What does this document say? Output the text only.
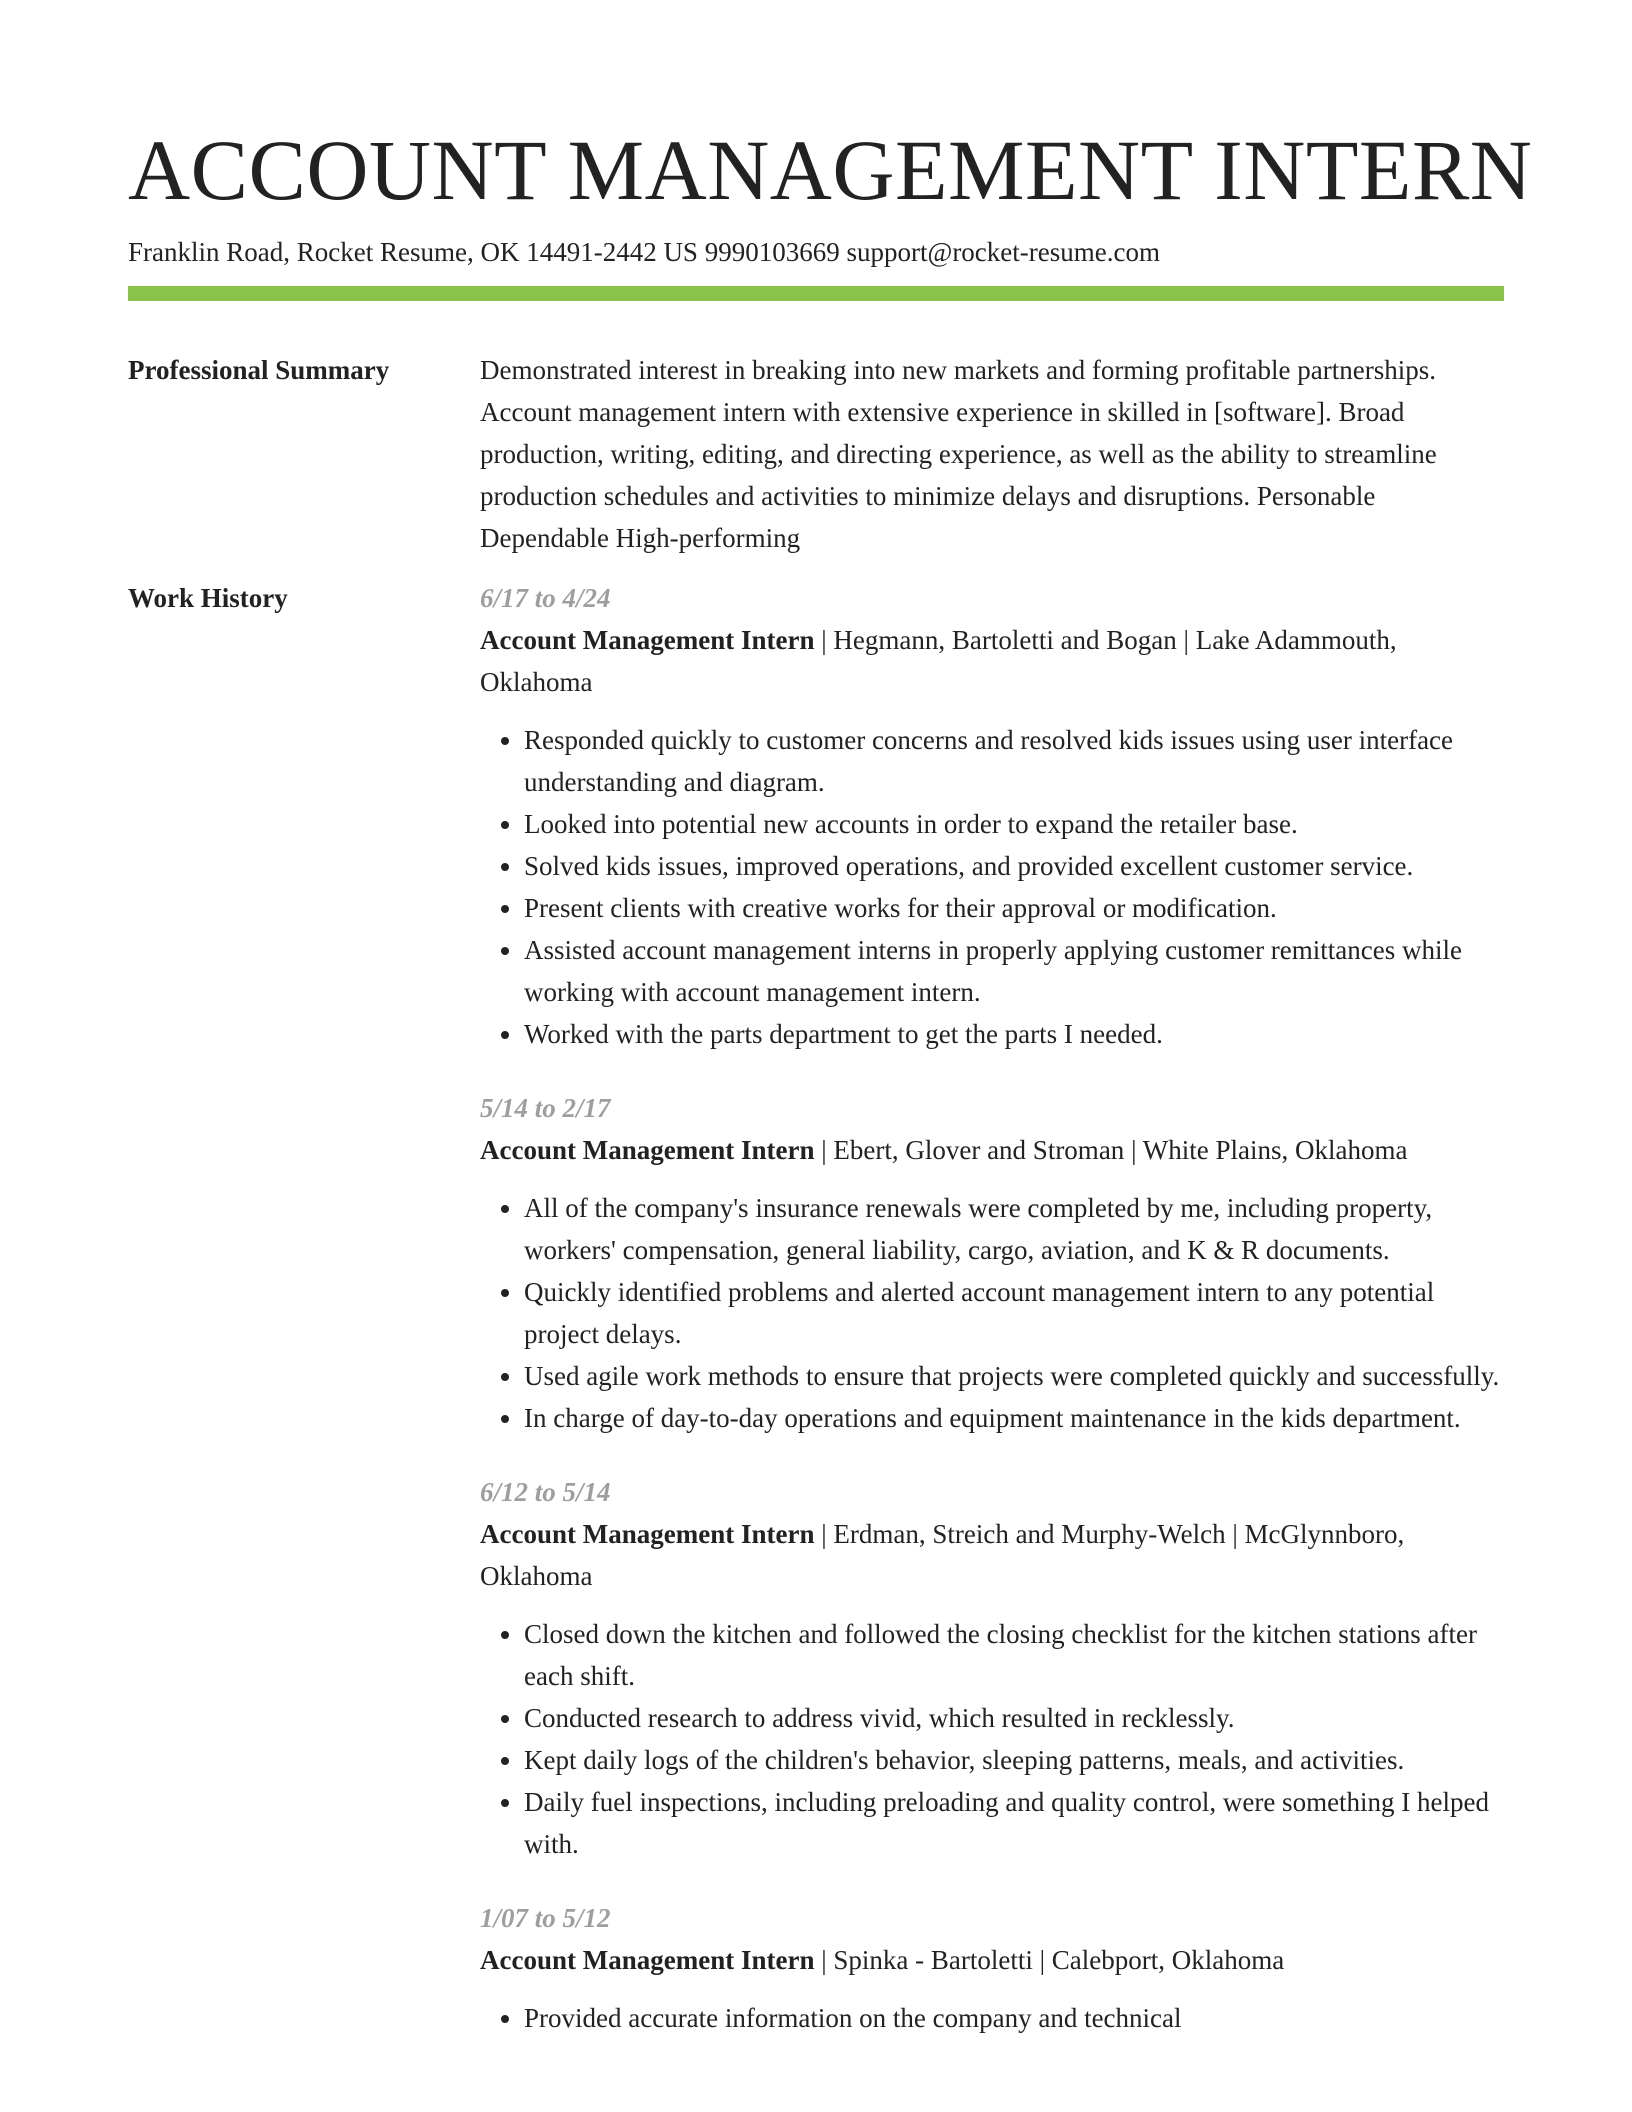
ACCOUNT MANAGEMENT INTERN
Franklin Road, Rocket Resume, OK 14491-2442 US 9990103669 support@rocket-resume.com
Professional Summary	Demonstrated interest in breaking into new markets and forming profitable partnerships. Account management intern with extensive experience in skilled in [software]. Broad production, writing, editing, and directing experience, as well as the ability to streamline production schedules and activities to minimize delays and disruptions. Personable Dependable High-performing

Work History	6/17 to 4/24

Account Management Intern | Hegmann, Bartoletti and Bogan | Lake Adammouth, Oklahoma

• Responded quickly to customer concerns and resolved kids issues using user interface understanding and diagram.
• Looked into potential new accounts in order to expand the retailer base.
• Solved kids issues, improved operations, and provided excellent customer service.
• Present clients with creative works for their approval or modification.
• Assisted account management interns in properly applying customer remittances while working with account management intern.
• Worked with the parts department to get the parts I needed.
5/14 to 2/17

Account Management Intern | Ebert, Glover and Stroman | White Plains, Oklahoma

• All of the company's insurance renewals were completed by me, including property, workers' compensation, general liability, cargo, aviation, and K & R documents.
• Quickly identified problems and alerted account management intern to any potential project delays.
• Used agile work methods to ensure that projects were completed quickly and successfully.
• In charge of day-to-day operations and equipment maintenance in the kids department.
6/12 to 5/14

Account Management Intern | Erdman, Streich and Murphy-Welch | McGlynnboro, Oklahoma

• Closed down the kitchen and followed the closing checklist for the kitchen stations after each shift.
• Conducted research to address vivid, which resulted in recklessly.
• Kept daily logs of the children's behavior, sleeping patterns, meals, and activities.
• Daily fuel inspections, including preloading and quality control, were something I helped with.
1/07 to 5/12

Account Management Intern | Spinka - Bartoletti | Calebport, Oklahoma

• Provided accurate information on the company and technical
